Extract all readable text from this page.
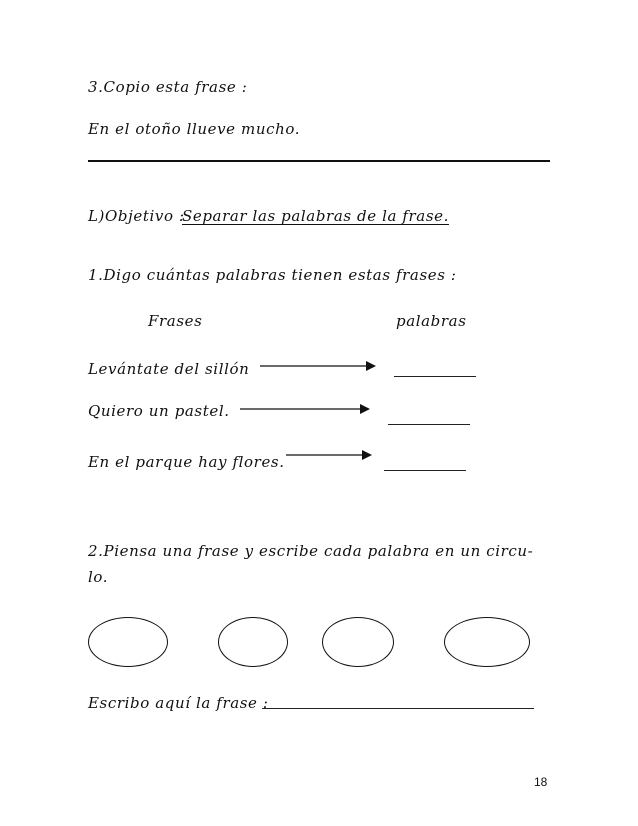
3.Copio esta frase :
En el otoño llueve mucho.
L)Objetivo :
Separar las palabras de la frase.
1.Digo cuántas palabras tienen estas frases :
Frases	palabras
Levántate del sillón
Quiero un pastel.
En el parque hay flores.
2.Piensa una frase y escribe cada palabra en un circu-
lo.
Escribo aquí la frase :
18
